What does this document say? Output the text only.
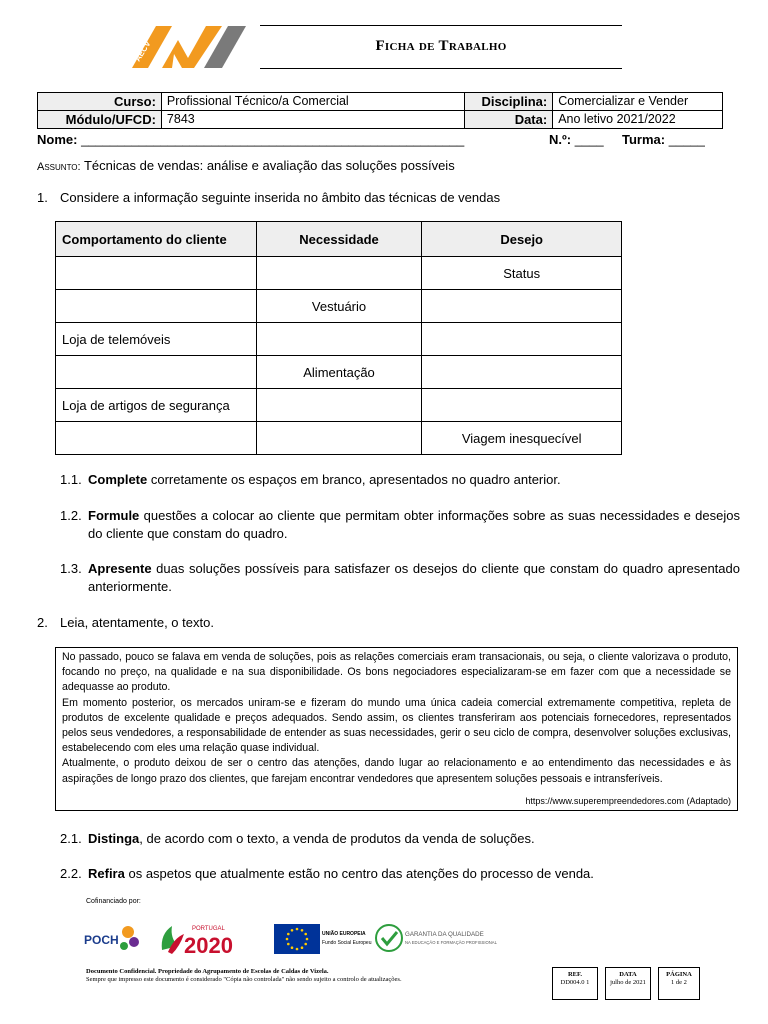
AECV	Ficha de Trabalho
Curso:	Profissional Técnico/a Comercial	Disciplina:	Comercializar e Vender
Módulo/UFCD:	7843	Data:	Ano letivo 2021/2022
Nome: _____________________________________________________	N.º: ____ Turma: _____
Assunto: Técnicas de vendas: análise e avaliação das soluções possíveis
1. Considere a informação seguinte inserida no âmbito das técnicas de vendas
Comportamento do cliente	Necessidade	Desejo
		Status
	Vestuário	
Loja de telemóveis		
	Alimentação	
Loja de artigos de segurança		
		Viagem inesquecível
1.1. Complete corretamente os espaços em branco, apresentados no quadro anterior.
1.2. Formule questões a colocar ao cliente que permitam obter informações sobre as suas necessidades e desejos do cliente que constam do quadro.
1.3. Apresente duas soluções possíveis para satisfazer os desejos do cliente que constam do quadro apresentado anteriormente.
2. Leia, atentamente, o texto.

No passado, pouco se falava em venda de soluções, pois as relações comerciais eram transacionais, ou seja, o cliente valorizava o produto, focando no preço, na qualidade e na sua disponibilidade. Os bons negociadores especializaram-se em fazer com que a necessidade se adequasse ao produto.

Em momento posterior, os mercados uniram-se e fizeram do mundo uma única cadeia comercial extremamente competitiva, repleta de produtos de excelente qualidade e preços adequados. Sendo assim, os clientes transferiram aos potenciais fornecedores, representados pelos seus vendedores, a responsabilidade de entender as suas necessidades, gerir o seu ciclo de compra, desenvolver soluções exclusivas, estabelecendo com eles uma relação quase individual.

Atualmente, o produto deixou de ser o centro das atenções, dando lugar ao relacionamento e ao entendimento das necessidades e às aspirações de longo prazo dos clientes, que farejam encontrar vendedores que apresentem soluções pessoais e intransferíveis.

https://www.superempreendedores.com (Adaptado)
2.1. Distinga, de acordo com o texto, a venda de produtos da venda de soluções.
2.2. Refira os aspetos que atualmente estão no centro das atenções do processo de venda.
Cofinanciado por:
POCH
PORTUGAL
2020	UNIÃO EUROPEIA
Fundo Social Europeu
GARANTIA DA QUALIDADE
NA EDUCAÇÃO E FORMAÇÃO PROFISSIONAL
Documento Confidencial. Propriedade do Agrupamento de Escolas de Caldas de Vizela.
Sempre que impresso este documento é considerado "Cópia não controlada" não sendo sujeito a controlo de atualizações.
REF.
DD004.0 1
DATA
julho de 2021
PÁGINA
1 de 2
